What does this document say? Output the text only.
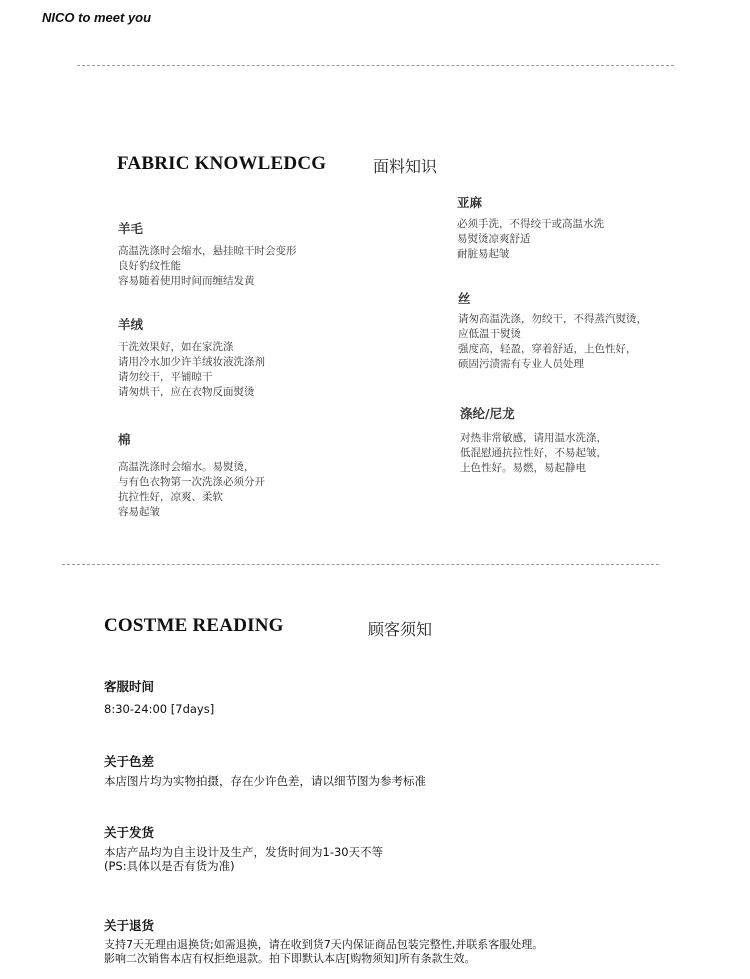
NICO to meet you
FABRIC KNOWLEDCG	面料知识
羊毛
高温洗涤时会缩水，悬挂晾干时会变形
良好豹纹性能
容易随着使用时间而缠结发黄
羊绒
干洗效果好，如在家洗涤
请用冷水加少许羊绒妆液洗涤剂
请勿绞干，平铺晾干
请匆烘干，应在衣物反面熨烫
棉
高温洗涤时会缩水。易熨烫，
与有色衣物第一次洗涤必须分开
抗拉性好，凉爽、柔软
容易起皱
亚麻
必须手洗，不得绞干或高温水洗
易熨烫凉爽舒适
耐脏易起皱
丝
请匆高温洗涤，勿绞干，不得蒸汽熨烫，
应低温干熨烫
强度高，轻盈，穿着舒适，上色性好，
硕固污渍需有专业人员处理
涤纶/尼龙
对热非常敏感，请用温水洗涤，
低混慰通抗拉性好，不易起皱，
上色性好。易燃，易起静电
COSTME READING	顾客须知
客服时间
8:30-24:00 [7days]
关于色差
本店图片均为实物拍摄，存在少许色差，请以细节图为参考标准
关于发货
本店产品均为自主设计及生产，发货时间为1-30天不等
(PS:具体以是否有货为准)
关于退货
支持7天无理由退换货;如需退换，请在收到货7天内保证商品包装完整性,并联系客服处理。
影响二次销售本店有权拒绝退款。拍下即默认本店[购物须知]所有条款生效。
